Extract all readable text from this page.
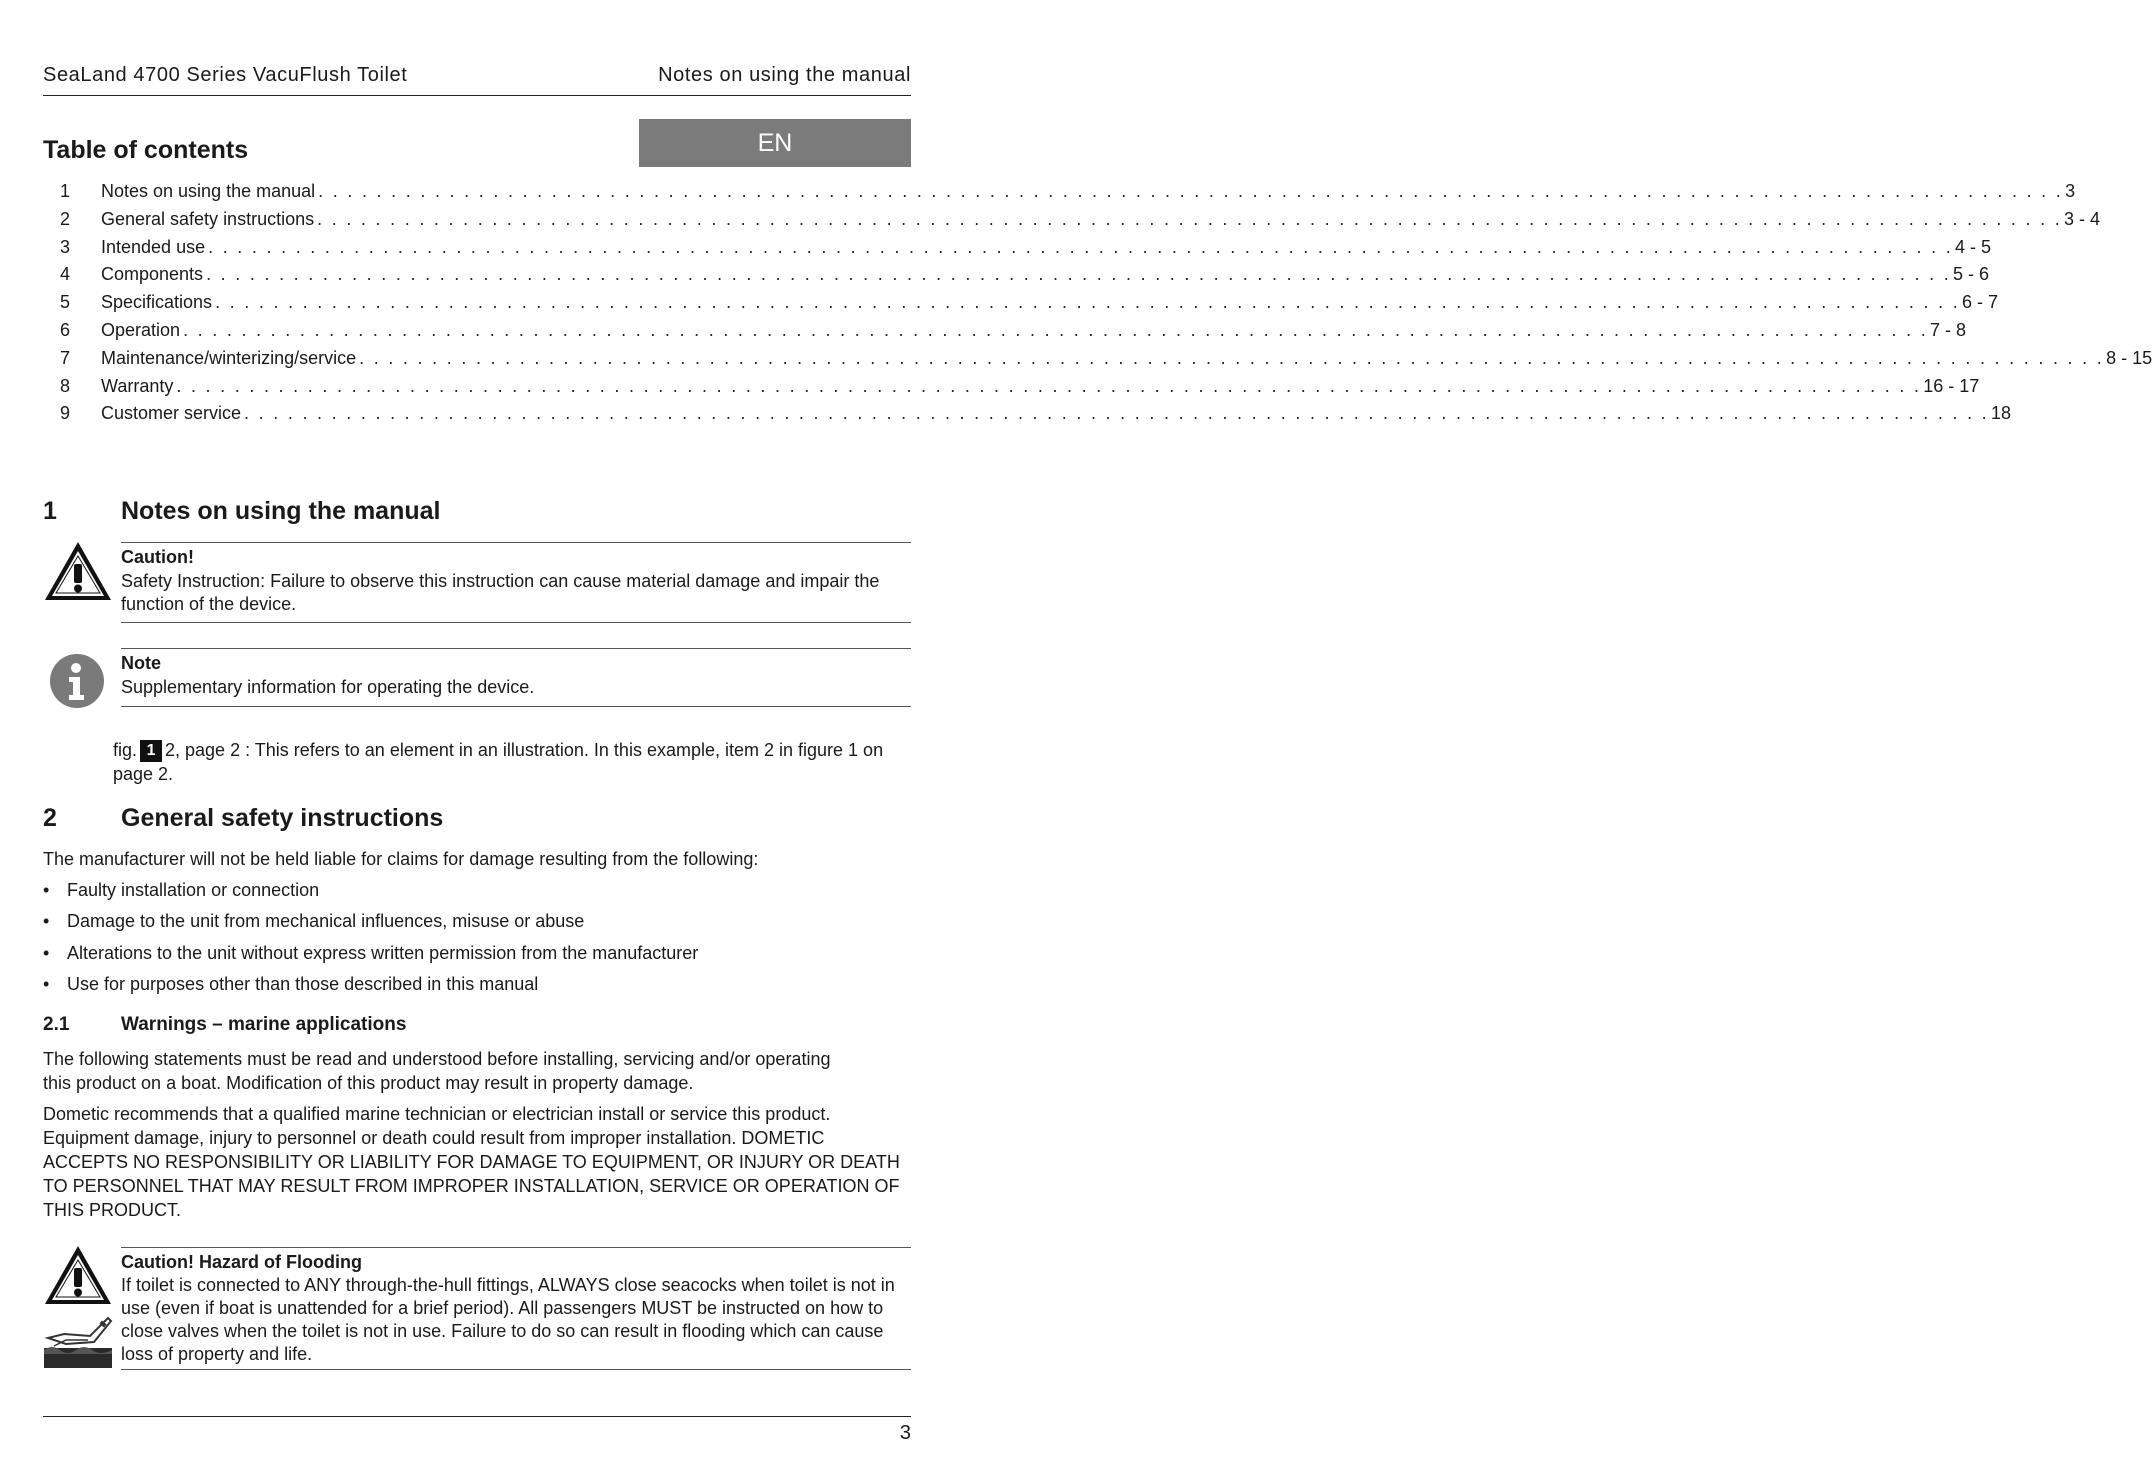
SeaLand 4700 Series VacuFlush Toilet	Notes on using the manual
Table of contents	EN
1 Notes on using the manual . . . . . . . . . . . . . . . . . . . . . . . . . . . . . . . . . . . . . . . . . . . . . . . . . . . . . . . . . . . . . . . . . . . . . . . . . . . . . . . . . . . . . . . . . . . . . . . . . . . . . . . . . . . . . . . . . . . . . . . . 3
2 General safety instructions . . . . . . . . . . . . . . . . . . . . . . . . . . . . . . . . . . . . . . . . . . . . . . . . . . . . . . . . . . . . . . . . . . . . . . . . . . . . . . . . . . . . . . . . . . . . . . . . . . . . . . . . . . . . . . . . . . . . . . . . 3 - 4
3 Intended use . . . . . . . . . . . . . . . . . . . . . . . . . . . . . . . . . . . . . . . . . . . . . . . . . . . . . . . . . . . . . . . . . . . . . . . . . . . . . . . . . . . . . . . . . . . . . . . . . . . . . . . . . . . . . . . . . . . . . . . . 4 - 5
4 Components . . . . . . . . . . . . . . . . . . . . . . . . . . . . . . . . . . . . . . . . . . . . . . . . . . . . . . . . . . . . . . . . . . . . . . . . . . . . . . . . . . . . . . . . . . . . . . . . . . . . . . . . . . . . . . . . . . . . . . . . 5 - 6
5 Specifications . . . . . . . . . . . . . . . . . . . . . . . . . . . . . . . . . . . . . . . . . . . . . . . . . . . . . . . . . . . . . . . . . . . . . . . . . . . . . . . . . . . . . . . . . . . . . . . . . . . . . . . . . . . . . . . . . . . . . . . . 6 - 7
6 Operation . . . . . . . . . . . . . . . . . . . . . . . . . . . . . . . . . . . . . . . . . . . . . . . . . . . . . . . . . . . . . . . . . . . . . . . . . . . . . . . . . . . . . . . . . . . . . . . . . . . . . . . . . . . . . . . . . . . . . . . . 7 - 8
7 Maintenance/winterizing/service . . . . . . . . . . . . . . . . . . . . . . . . . . . . . . . . . . . . . . . . . . . . . . . . . . . . . . . . . . . . . . . . . . . . . . . . . . . . . . . . . . . . . . . . . . . . . . . . . . . . . . . . . . . . . . . . . . . . . . . . 8 - 15
8 Warranty . . . . . . . . . . . . . . . . . . . . . . . . . . . . . . . . . . . . . . . . . . . . . . . . . . . . . . . . . . . . . . . . . . . . . . . . . . . . . . . . . . . . . . . . . . . . . . . . . . . . . . . . . . . . . . . . . . . . . . . . 16 - 17
9 Customer service . . . . . . . . . . . . . . . . . . . . . . . . . . . . . . . . . . . . . . . . . . . . . . . . . . . . . . . . . . . . . . . . . . . . . . . . . . . . . . . . . . . . . . . . . . . . . . . . . . . . . . . . . . . . . . . . . . . . . . . . 18
1	Notes on using the manual
Caution!
Safety Instruction: Failure to observe this instruction can cause material damage and impair the function of the device.
Note
Supplementary information for operating the device.
fig. 1 2, page 2 : This refers to an element in an illustration. In this example, item 2 in figure 1 on page 2.
2	General safety instructions
The manufacturer will not be held liable for claims for damage resulting from the following:
• Faulty installation or connection
• Damage to the unit from mechanical influences, misuse or abuse
• Alterations to the unit without express written permission from the manufacturer
• Use for purposes other than those described in this manual
2.1	Warnings – marine applications
The following statements must be read and understood before installing, servicing and/or operating this product on a boat. Modification of this product may result in property damage.
Dometic recommends that a qualified marine technician or electrician install or service this product. Equipment damage, injury to personnel or death could result from improper installation. DOMETIC ACCEPTS NO RESPONSIBILITY OR LIABILITY FOR DAMAGE TO EQUIPMENT, OR INJURY OR DEATH TO PERSONNEL THAT MAY RESULT FROM IMPROPER INSTALLATION, SERVICE OR OPERATION OF THIS PRODUCT.
Caution! Hazard of Flooding
If toilet is connected to ANY through-the-hull fittings, ALWAYS close seacocks when toilet is not in use (even if boat is unattended for a brief period). All passengers MUST be instructed on how to close valves when the toilet is not in use. Failure to do so can result in flooding which can cause loss of property and life.
3
